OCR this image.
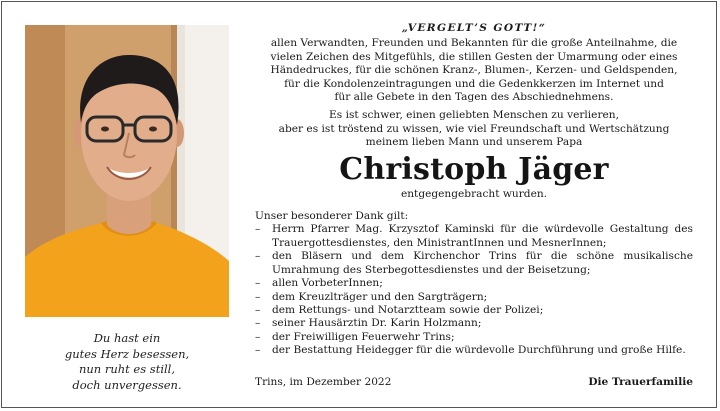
Du hast ein
gutes Herz besessen,
nun ruht es still,
doch unvergessen.
„VERGELT’S GOTT!“
allen Verwandten, Freunden und Bekannten für die große Anteilnahme, die
vielen Zeichen des Mitgefühls, die stillen Gesten der Umarmung oder eines
Händedruckes, für die schönen Kranz-, Blumen-, Kerzen- und Geldspenden,
für die Kondolenzeintragungen und die Gedenkkerzen im Internet und
für alle Gebete in den Tagen des Abschiednehmens.
Es ist schwer, einen geliebten Menschen zu verlieren,
aber es ist tröstend zu wissen, wie viel Freundschaft und Wertschätzung
meinem lieben Mann und unserem Papa
Christoph Jäger
entgegengebracht wurden.
Unser besonderer Dank gilt:
– Herrn Pfarrer Mag. Krzysztof Kaminski für die würdevolle Gestaltung des Trauergottesdienstes, den MinistrantInnen und MesnerInnen;
– den Bläsern und dem Kirchenchor Trins für die schöne musikalische Umrahmung des Sterbegottesdienstes und der Beisetzung;
– allen VorbeterInnen;
– dem Kreuzlträger und den Sargträgern;
– dem Rettungs- und Notarztteam sowie der Polizei;
– seiner Hausärztin Dr. Karin Holzmann;
– der Freiwilligen Feuerwehr Trins;
– der Bestattung Heidegger für die würdevolle Durchführung und große Hilfe.
Trins, im Dezember 2022	Die Trauerfamilie
